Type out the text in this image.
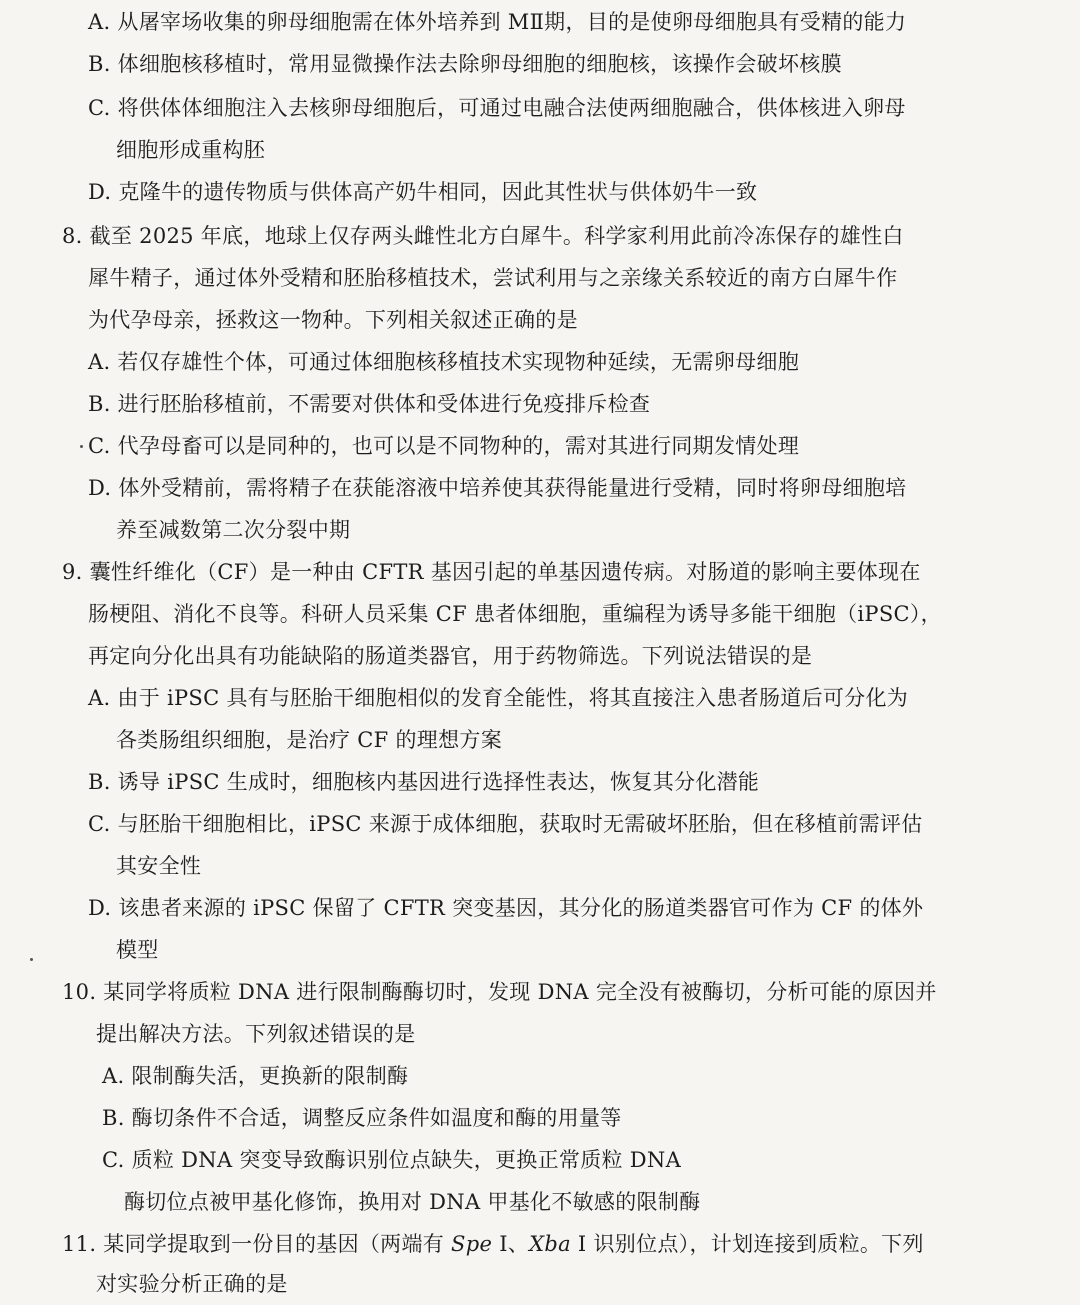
A. 从屠宰场收集的卵母细胞需在体外培养到 MⅡ期，目的是使卵母细胞具有受精的能力
B. 体细胞核移植时，常用显微操作法去除卵母细胞的细胞核，该操作会破坏核膜
C. 将供体体细胞注入去核卵母细胞后，可通过电融合法使两细胞融合，供体核进入卵母
细胞形成重构胚
D. 克隆牛的遗传物质与供体高产奶牛相同，因此其性状与供体奶牛一致
8. 截至 2025 年底，地球上仅存两头雌性北方白犀牛。科学家利用此前冷冻保存的雄性白
犀牛精子，通过体外受精和胚胎移植技术，尝试利用与之亲缘关系较近的南方白犀牛作
为代孕母亲，拯救这一物种。下列相关叙述正确的是
A. 若仅存雄性个体，可通过体细胞核移植技术实现物种延续，无需卵母细胞
B. 进行胚胎移植前，不需要对供体和受体进行免疫排斥检查
C. 代孕母畜可以是同种的，也可以是不同物种的，需对其进行同期发情处理
D. 体外受精前，需将精子在获能溶液中培养使其获得能量进行受精，同时将卵母细胞培
养至减数第二次分裂中期
9. 囊性纤维化（CF）是一种由 CFTR 基因引起的单基因遗传病。对肠道的影响主要体现在
肠梗阻、消化不良等。科研人员采集 CF 患者体细胞，重编程为诱导多能干细胞（iPSC），
再定向分化出具有功能缺陷的肠道类器官，用于药物筛选。下列说法错误的是
A. 由于 iPSC 具有与胚胎干细胞相似的发育全能性，将其直接注入患者肠道后可分化为
各类肠组织细胞，是治疗 CF 的理想方案
B. 诱导 iPSC 生成时，细胞核内基因进行选择性表达，恢复其分化潜能
C. 与胚胎干细胞相比，iPSC 来源于成体细胞，获取时无需破坏胚胎，但在移植前需评估
其安全性
D. 该患者来源的 iPSC 保留了 CFTR 突变基因，其分化的肠道类器官可作为 CF 的体外
模型
10. 某同学将质粒 DNA 进行限制酶酶切时，发现 DNA 完全没有被酶切，分析可能的原因并
提出解决方法。下列叙述错误的是
A. 限制酶失活，更换新的限制酶
B. 酶切条件不合适，调整反应条件如温度和酶的用量等
C. 质粒 DNA 突变导致酶识别位点缺失，更换正常质粒 DNA
酶切位点被甲基化修饰，换用对 DNA 甲基化不敏感的限制酶
11. 某同学提取到一份目的基因（两端有 Spe Ⅰ、Xba Ⅰ 识别位点），计划连接到质粒。下列
对实验分析正确的是
